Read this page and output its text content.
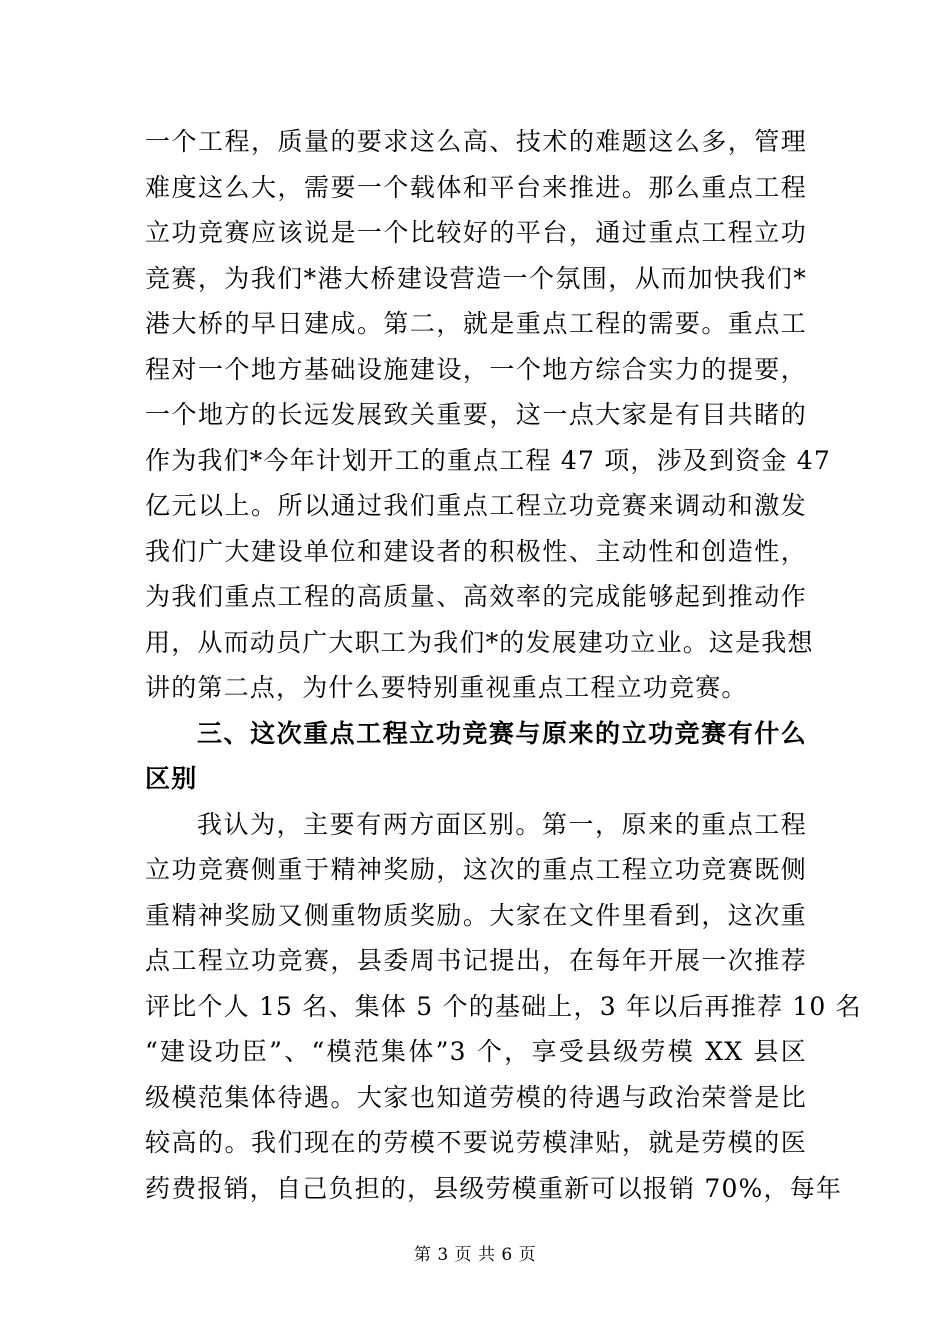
一个工程，质量的要求这么高、技术的难题这么多，管理
难度这么大，需要一个载体和平台来推进。那么重点工程
立功竞赛应该说是一个比较好的平台，通过重点工程立功
竞赛，为我们*港大桥建设营造一个氛围，从而加快我们*
港大桥的早日建成。第二，就是重点工程的需要。重点工
程对一个地方基础设施建设，一个地方综合实力的提要，
一个地方的长远发展致关重要，这一点大家是有目共睹的
作为我们*今年计划开工的重点工程 47 项，涉及到资金 47
亿元以上。所以通过我们重点工程立功竞赛来调动和激发
我们广大建设单位和建设者的积极性、主动性和创造性，
为我们重点工程的高质量、高效率的完成能够起到推动作
用，从而动员广大职工为我们*的发展建功立业。这是我想
讲的第二点，为什么要特别重视重点工程立功竞赛。
三、这次重点工程立功竞赛与原来的立功竞赛有什么
区别
我认为，主要有两方面区别。第一，原来的重点工程
立功竞赛侧重于精神奖励，这次的重点工程立功竞赛既侧
重精神奖励又侧重物质奖励。大家在文件里看到，这次重
点工程立功竞赛，县委周书记提出，在每年开展一次推荐
评比个人 15 名、集体 5 个的基础上，3 年以后再推荐 10 名
“建设功臣”、“模范集体”3 个，享受县级劳模 XX 县区
级模范集体待遇。大家也知道劳模的待遇与政治荣誉是比
较高的。我们现在的劳模不要说劳模津贴，就是劳模的医
药费报销，自己负担的，县级劳模重新可以报销 70%，每年
第 3 页 共 6 页
